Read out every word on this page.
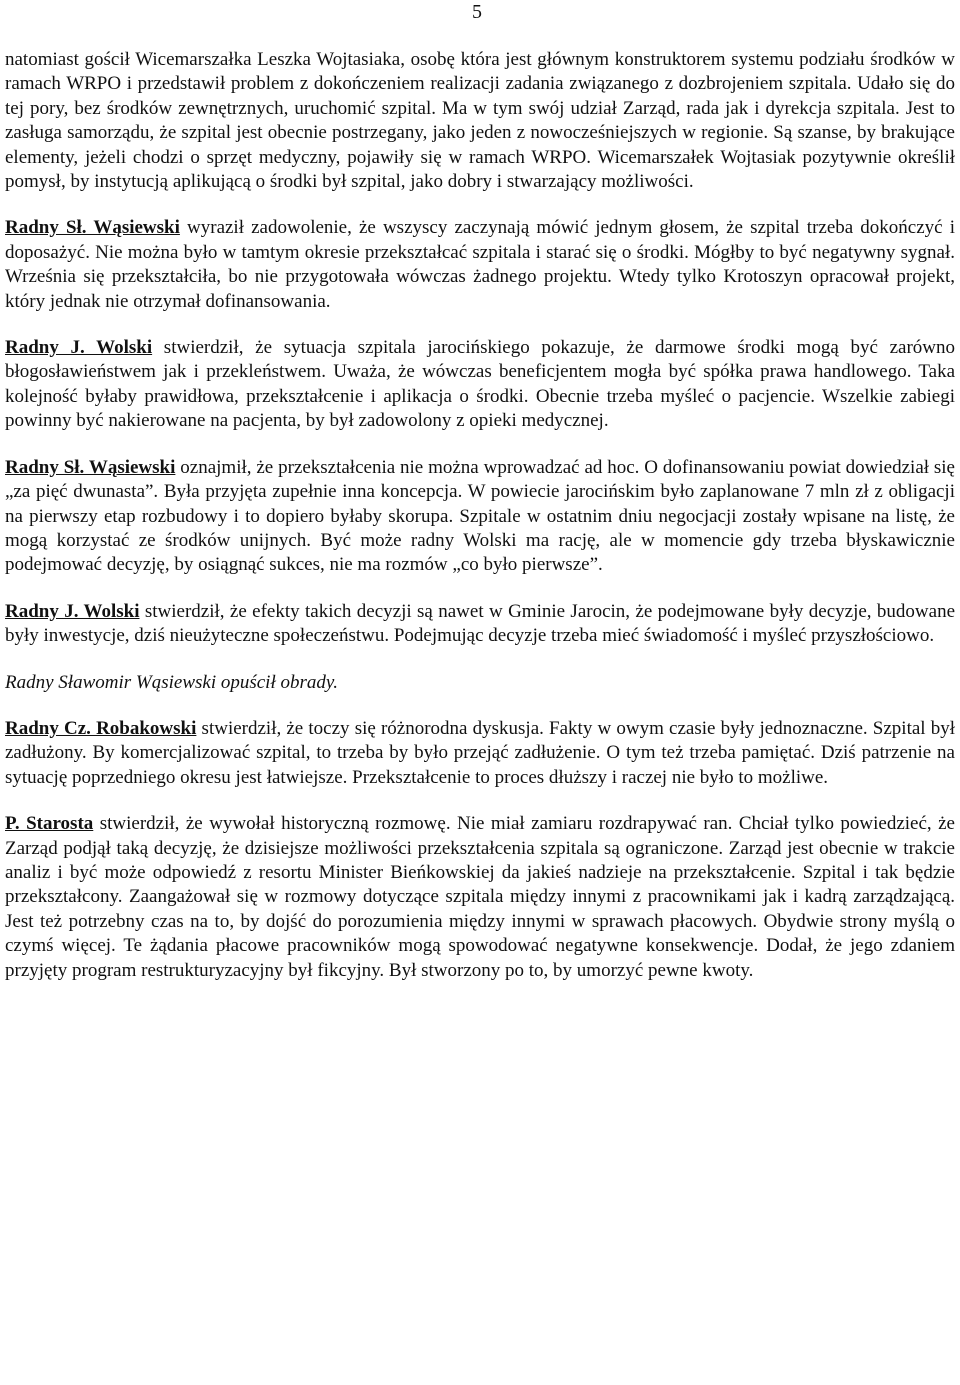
5

natomiast gościł Wicemarszałka Leszka Wojtasiaka, osobę która jest głównym konstruktorem systemu podziału środków w ramach WRPO i przedstawił problem z dokończeniem realizacji zadania związanego z dozbrojeniem szpitala. Udało się do tej pory, bez środków zewnętrznych, uruchomić szpital. Ma w tym swój udział Zarząd, rada jak i dyrekcja szpitala. Jest to zasługa samorządu, że szpital jest obecnie postrzegany, jako jeden z nowocześniejszych w regionie. Są szanse, by brakujące elementy, jeżeli chodzi o sprzęt medyczny, pojawiły się w ramach WRPO. Wicemarszałek Wojtasiak pozytywnie określił pomysł, by instytucją aplikującą o środki był szpital, jako dobry i stwarzający możliwości.

Radny Sł. Wąsiewski wyraził zadowolenie, że wszyscy zaczynają mówić jednym głosem, że szpital trzeba dokończyć i doposażyć. Nie można było w tamtym okresie przekształcać szpitala i starać się o środki. Mógłby to być negatywny sygnał. Września się przekształciła, bo nie przygotowała wówczas żadnego projektu. Wtedy tylko Krotoszyn opracował projekt, który jednak nie otrzymał dofinansowania.

Radny J. Wolski stwierdził, że sytuacja szpitala jarocińskiego pokazuje, że darmowe środki mogą być zarówno błogosławieństwem jak i przekleństwem. Uważa, że wówczas beneficjentem mogła być spółka prawa handlowego. Taka kolejność byłaby prawidłowa, przekształcenie i aplikacja o środki. Obecnie trzeba myśleć o pacjencie. Wszelkie zabiegi powinny być nakierowane na pacjenta, by był zadowolony z opieki medycznej.

Radny Sł. Wąsiewski oznajmił, że przekształcenia nie można wprowadzać ad hoc. O dofinansowaniu powiat dowiedział się „za pięć dwunasta”. Była przyjęta zupełnie inna koncepcja. W powiecie jarocińskim było zaplanowane 7 mln zł z obligacji na pierwszy etap rozbudowy i to dopiero byłaby skorupa. Szpitale w ostatnim dniu negocjacji zostały wpisane na listę, że mogą korzystać ze środków unijnych. Być może radny Wolski ma rację, ale w momencie gdy trzeba błyskawicznie podejmować decyzję, by osiągnąć sukces, nie ma rozmów „co było pierwsze”.

Radny J. Wolski stwierdził, że efekty takich decyzji są nawet w Gminie Jarocin, że podejmowane były decyzje, budowane były inwestycje, dziś nieużyteczne społeczeństwu. Podejmując decyzje trzeba mieć świadomość i myśleć przyszłościowo.

Radny Sławomir Wąsiewski opuścił obrady.

Radny Cz. Robakowski stwierdził, że toczy się różnorodna dyskusja. Fakty w owym czasie były jednoznaczne. Szpital był zadłużony. By komercjalizować szpital, to trzeba by było przejąć zadłużenie. O tym też trzeba pamiętać. Dziś patrzenie na sytuację poprzedniego okresu jest łatwiejsze. Przekształcenie to proces dłuższy i raczej nie było to możliwe.

P. Starosta stwierdził, że wywołał historyczną rozmowę. Nie miał zamiaru rozdrapywać ran. Chciał tylko powiedzieć, że Zarząd podjął taką decyzję, że dzisiejsze możliwości przekształcenia szpitala są ograniczone. Zarząd jest obecnie w trakcie analiz i być może odpowiedź z resortu Minister Bieńkowskiej da jakieś nadzieje na przekształcenie. Szpital i tak będzie przekształcony. Zaangażował się w rozmowy dotyczące szpitala między innymi z pracownikami jak i kadrą zarządzającą. Jest też potrzebny czas na to, by dojść do porozumienia między innymi w sprawach płacowych. Obydwie strony myślą o czymś więcej. Te żądania płacowe pracowników mogą spowodować negatywne konsekwencje. Dodał, że jego zdaniem przyjęty program restrukturyzacyjny był fikcyjny. Był stworzony po to, by umorzyć pewne kwoty.
